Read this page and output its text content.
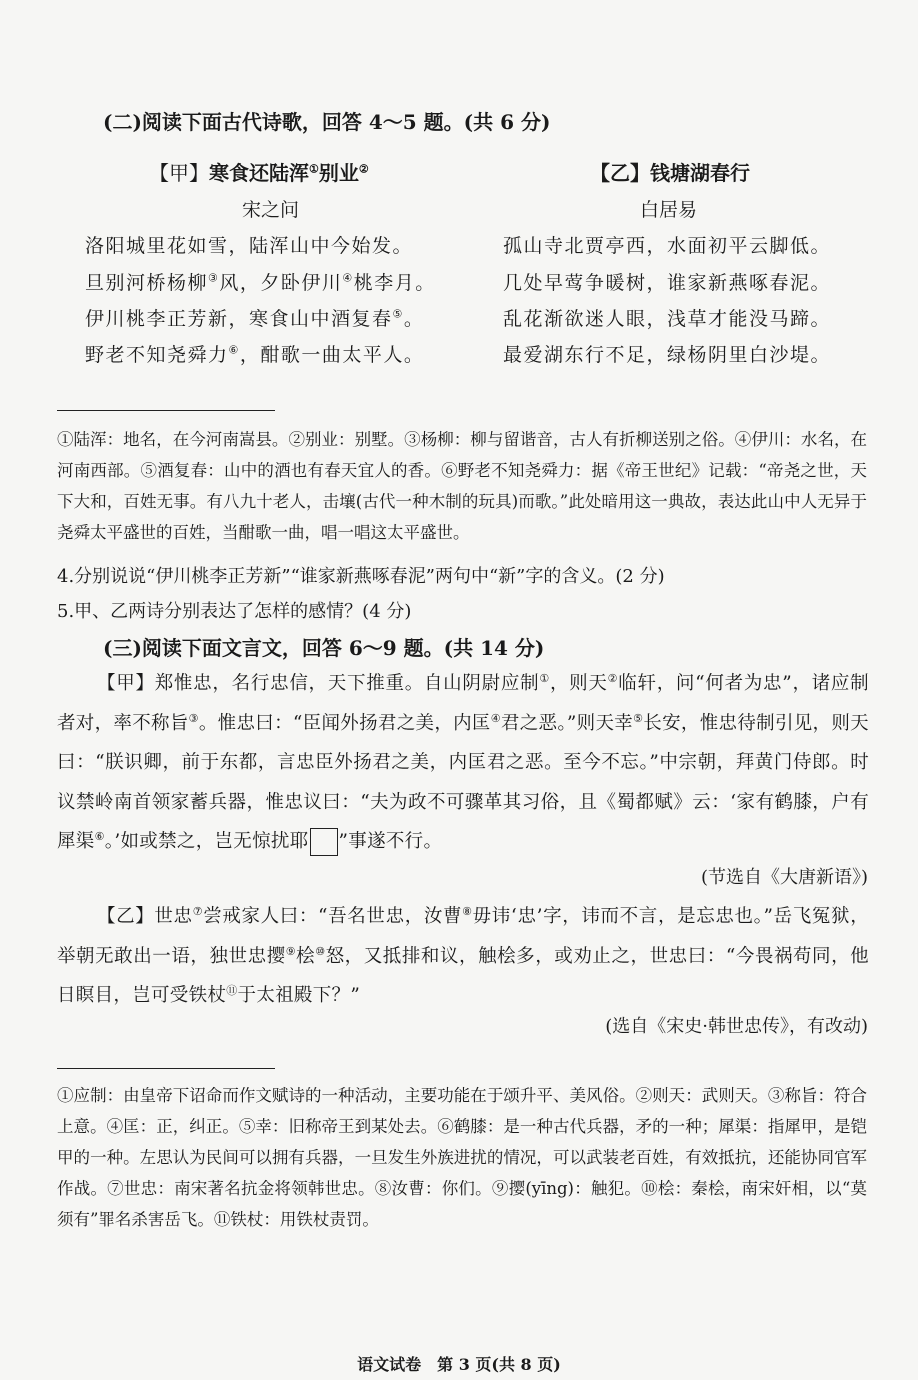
(二)阅读下面古代诗歌，回答 4～5 题。(共 6 分)
【甲】寒食还陆浑①别业②
宋之问
洛阳城里花如雪，陆浑山中今始发。
旦别河桥杨柳③风，夕卧伊川④桃李月。
伊川桃李正芳新，寒食山中酒复春⑤。
野老不知尧舜力⑥，酣歌一曲太平人。
【乙】钱塘湖春行
白居易
孤山寺北贾亭西，水面初平云脚低。
几处早莺争暖树，谁家新燕啄春泥。
乱花渐欲迷人眼，浅草才能没马蹄。
最爱湖东行不足，绿杨阴里白沙堤。
①陆浑：地名，在今河南嵩县。②别业：别墅。③杨柳：柳与留谐音，古人有折柳送别之俗。④伊川：水名，在河南西部。⑤酒复春：山中的酒也有春天宜人的香。⑥野老不知尧舜力：据《帝王世纪》记载：“帝尧之世，天下大和，百姓无事。有八九十老人，击壤(古代一种木制的玩具)而歌。”此处暗用这一典故，表达此山中人无异于尧舜太平盛世的百姓，当酣歌一曲，唱一唱这太平盛世。
4.分别说说“伊川桃李正芳新”“谁家新燕啄春泥”两句中“新”字的含义。(2 分)
5.甲、乙两诗分别表达了怎样的感情？(4 分)
(三)阅读下面文言文，回答 6～9 题。(共 14 分)
【甲】郑惟忠，名行忠信，天下推重。自山阴尉应制①，则天②临轩，问“何者为忠”，诸应制者对，率不称旨③。惟忠曰：“臣闻外扬君之美，内匡④君之恶。”则天幸⑤长安，惟忠待制引见，则天曰：“朕识卿，前于东都，言忠臣外扬君之美，内匡君之恶。至今不忘。”中宗朝，拜黄门侍郎。时议禁岭南首领家蓄兵器，惟忠议曰：“夫为政不可骤革其习俗，且《蜀都赋》云：‘家有鹤膝，户有犀渠⑥。’如或禁之，岂无惊扰耶 ”事遂不行。
(节选自《大唐新语》)
【乙】世忠⑦尝戒家人曰：“吾名世忠，汝曹⑧毋讳‘忠’字，讳而不言，是忘忠也。”岳飞冤狱，举朝无敢出一语，独世忠撄⑨桧⑩怒，又抵排和议，触桧多，或劝止之，世忠曰：“今畏祸苟同，他日瞑目，岂可受铁杖⑪于太祖殿下？”
(选自《宋史·韩世忠传》，有改动)
①应制：由皇帝下诏命而作文赋诗的一种活动，主要功能在于颂升平、美风俗。②则天：武则天。③称旨：符合上意。④匡：正，纠正。⑤幸：旧称帝王到某处去。⑥鹤膝：是一种古代兵器，矛的一种；犀渠：指犀甲，是铠甲的一种。左思认为民间可以拥有兵器，一旦发生外族进扰的情况，可以武装老百姓，有效抵抗，还能协同官军作战。⑦世忠：南宋著名抗金将领韩世忠。⑧汝曹：你们。⑨撄(yīng)：触犯。⑩桧：秦桧，南宋奸相，以“莫须有”罪名杀害岳飞。⑪铁杖：用铁杖责罚。
语文试卷　第 3 页(共 8 页)
